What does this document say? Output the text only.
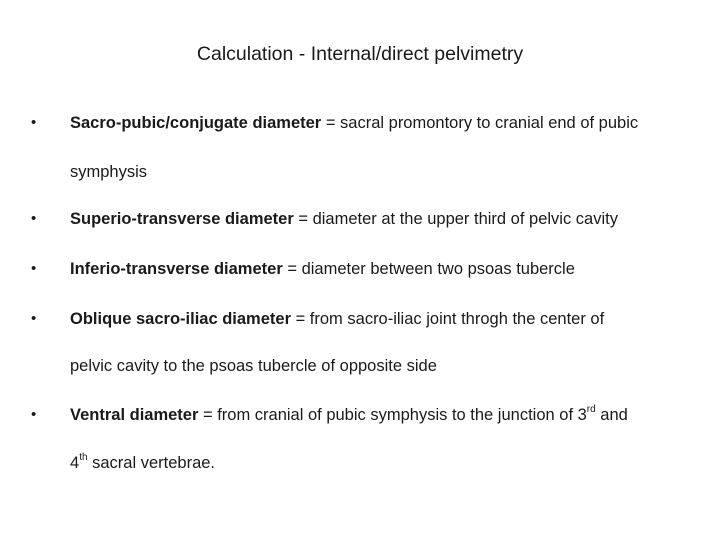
Calculation - Internal/direct pelvimetry
• Sacro-pubic/conjugate diameter = sacral promontory to cranial end of pubic
symphysis
• Superio-transverse diameter = diameter at the upper third of pelvic cavity
• Inferio-transverse diameter = diameter between two psoas tubercle
• Oblique sacro-iliac diameter = from sacro-iliac joint throgh the center of
pelvic cavity to the psoas tubercle of opposite side
• Ventral diameter = from cranial of pubic symphysis to the junction of 3rd and
4th sacral vertebrae.
